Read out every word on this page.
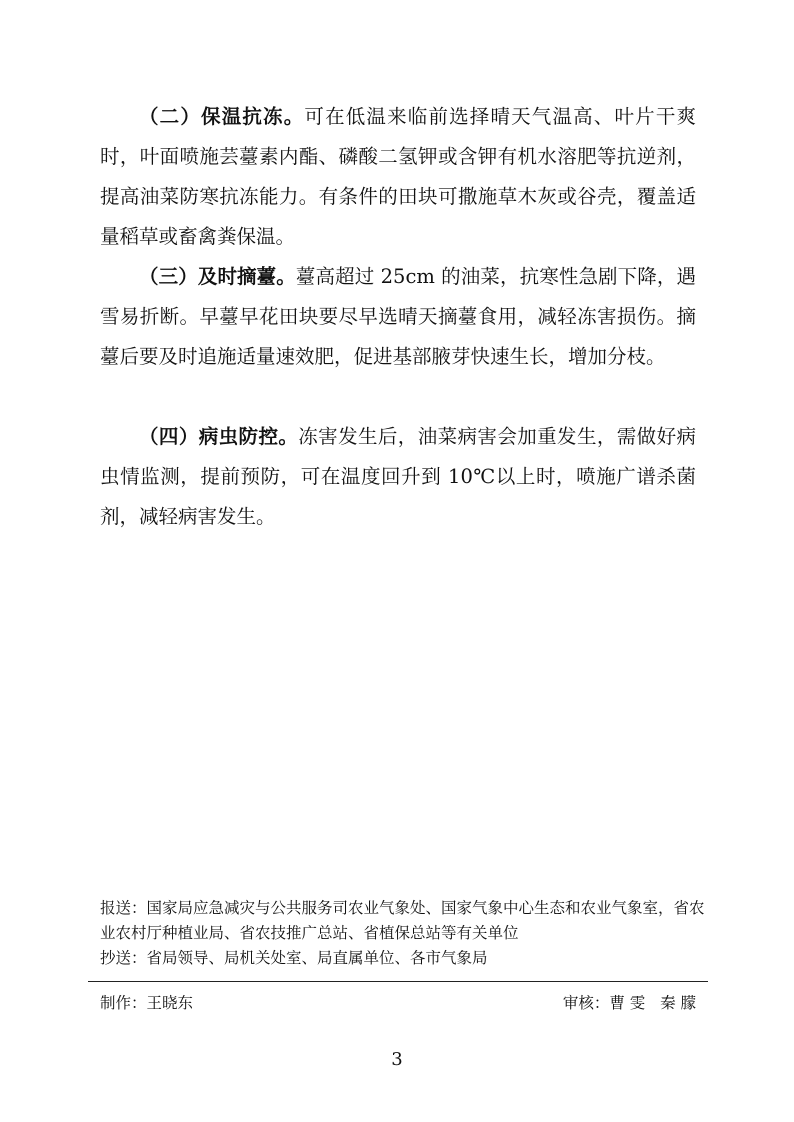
（二）保温抗冻。可在低温来临前选择晴天气温高、叶片干爽时，叶面喷施芸薹素内酯、磷酸二氢钾或含钾有机水溶肥等抗逆剂，提高油菜防寒抗冻能力。有条件的田块可撒施草木灰或谷壳，覆盖适量稻草或畜禽粪保温。

（三）及时摘薹。薹高超过 25cm 的油菜，抗寒性急剧下降，遇雪易折断。早薹早花田块要尽早选晴天摘薹食用，减轻冻害损伤。摘薹后要及时追施适量速效肥，促进基部腋芽快速生长，增加分枝。

（四）病虫防控。冻害发生后，油菜病害会加重发生，需做好病虫情监测，提前预防，可在温度回升到 10℃以上时，喷施广谱杀菌剂，减轻病害发生。

报送：国家局应急减灾与公共服务司农业气象处、国家气象中心生态和农业气象室，省农业农村厅种植业局、省农技推广总站、省植保总站等有关单位

抄送：省局领导、局机关处室、局直属单位、各市气象局

制作：王晓东	审核：曹 雯   秦 朦
3
